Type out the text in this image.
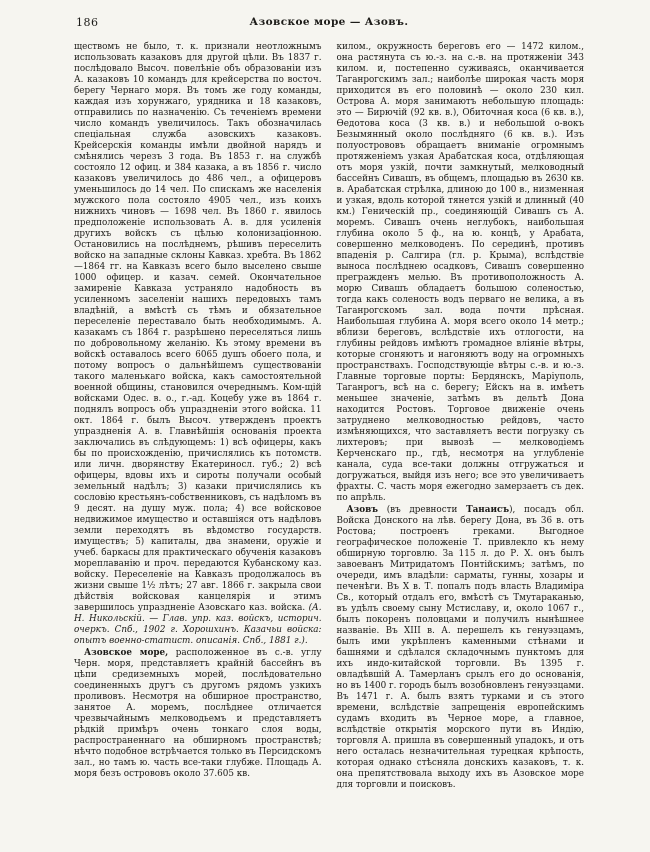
186	Азовское море — Азовъ.

ществомъ не было, т. к. признали неотложнымъ использовать казаковъ для другой цѣли. Въ 1837 г. послѣдовало Высоч. повелѣніе объ образованіи изъ А. казаковъ 10 командъ для крейсерства по восточ. берегу Чернаго моря. Въ томъ же году команды, каждая изъ хорунжаго, урядника и 18 казаковъ, отправились по назначенію. Съ теченіемъ времени число командъ увеличилось. Такъ обозначилась спеціальная служба азовскихъ казаковъ. Крейсерскія команды имѣли двойной нарядъ и смѣнялись черезъ 3 года. Въ 1853 г. на службѣ состояло 12 офиц. и 384 казака, а въ 1856 г. число казаковъ увеличилось до 486 чел., а офицеровъ уменьшилось до 14 чел. По спискамъ же населенія мужского пола состояло 4905 чел., изъ коихъ нижнихъ чиновъ — 1698 чел. Въ 1860 г. явилось предположеніе использовать А. в. для усиленія другихъ войскъ съ цѣлью колонизаціонною. Остановились на послѣднемъ, рѣшивъ переселить войско на западные склоны Кавказ. хребта. Въ 1862—1864 гг. на Кавказъ всего было выселено свыше 1000 офицер. и казач. семей. Окончательное замиреніе Кавказа устраняло надобность въ усиленномъ заселеніи нашихъ передовыхъ тамъ владѣній, а вмѣстѣ съ тѣмъ и обязательное переселеніе переставало быть необходимымъ. А. казакамъ съ 1864 г. разрѣшено переселяться лишь по добровольному желанію. Къ этому времени въ войскѣ оставалось всего 6065 душъ обоего пола, и потому вопросъ о дальнѣйшемъ существованіи такого маленькаго войска, какъ самостоятельной военной общины, становился очереднымъ. Ком-щій войсками Одес. в. о., г.-ад. Коцебу уже въ 1864 г. поднялъ вопросъ объ упраздненіи этого войска. 11 окт. 1864 г. былъ Высоч. утвержденъ проектъ упраздненія А. в. Главнѣйшія основанія проекта заключались въ слѣдующемъ: 1) всѣ офицеры, какъ бы по происхожденію, причислялись къ потомств. или личн. дворянству Екатериносл. губ.; 2) всѣ офицеры, вдовы ихъ и сироты получали особый земельный надѣлъ; 3) казаки причислялись къ сословію крестьянъ-собственниковъ, съ надѣломъ въ 9 десят. на душу муж. пола; 4) все войсковое недвижимое имущество и оставшіяся отъ надѣловъ земли переходятъ въ вѣдомство государств. имуществъ; 5) капиталы, два знамени, оружіе и учеб. баркасы для практическаго обученія казаковъ мореплаванію и проч. передаются Кубанскому каз. войску. Переселеніе на Кавказъ продолжалось въ жизни свыше 1½ лѣтъ; 27 авг. 1866 г. закрыла свои дѣйствія войсковая канцелярія и этимъ завершилось упраздненіе Азовскаго каз. войска. (А. Н. Никольскій. — Глав. упр. каз. войскъ, историч. очеркъ. Спб., 1902 г. Хорошхинъ. Казачьи войска: опытъ военно-статист. описанія. Спб., 1881 г.).

Азовское море, расположенное въ с.-в. углу Черн. моря, представляетъ крайній бассейнъ въ цѣпи средиземныхъ морей, послѣдовательно соединенныхъ другъ съ другомъ рядомъ узкихъ проливовъ. Несмотря на обширное пространство, занятое А. моремъ, послѣднее отличается чрезвычайнымъ мелководьемъ и представляетъ рѣдкій примѣръ очень тонкаго слоя воды, распространеннаго на обширномъ пространствѣ; нѣчто подобное встрѣчается только въ Персидскомъ зал., но тамъ ю. часть все-таки глубже. Площадь А. моря безъ острововъ около 37.605 кв.

килом., окружность береговъ его — 1472 килом., она растянута съ ю.-з. на с.-в. на протяженіи 343 килом. и, постепенно суживаясь, оканчивается Таганрогскимъ зал.; наиболѣе широкая часть моря приходится въ его половинѣ — около 230 кил. Острова А. моря занимаютъ небольшую площадь: это — Бирючій (92 кв. в.), Обиточная коса (6 кв. в.), Ѳедотова коса (3 кв. в.) и небольшой о-вокъ Безымянный около послѣдняго (6 кв. в.). Изъ полуострововъ обращаетъ вниманіе огромнымъ протяженіемъ узкая Арабатская коса, отдѣляющая отъ моря узкій, почти замкнутый, мелководный бассейнъ Сивашъ, въ общемъ, площадью въ 2630 кв. в. Арабатская стрѣлка, длиною до 100 в., низменная и узкая, вдоль которой тянется узкій и длинный (40 км.) Геническій пр., соединяющій Сивашъ съ А. моремъ. Сивашъ очень неглубокъ, наибольшая глубина около 5 ф., на ю. концѣ, у Арабата, совершенно мелководенъ. По серединѣ, противъ впаденія р. Салгира (гл. р. Крыма), вслѣдствіе выноса послѣднею осадковъ, Сивашъ совершенно прегражденъ мелью. Въ противоположность А. морю Сивашъ обладаетъ большою соленостью, тогда какъ соленость водъ перваго не велика, а въ Таганрогскомъ зал. вода почти прѣсная. Наибольшая глубина А. моря всего около 14 метр.; вблизи береговъ, вслѣдствіе ихъ отлогости, на глубины рейдовъ имѣютъ громадное вліяніе вѣтры, которые сгоняютъ и нагоняютъ воду на огромныхъ пространствахъ. Господствующіе вѣтры с.-в. и ю.-з. Главные торговые порты: Бердянскъ, Маріуполь, Таганрогъ, всѣ на с. берегу; Ейскъ на в. имѣетъ меньшее значеніе, затѣмъ въ дельтѣ Дона находится Ростовъ. Торговое движеніе очень затруднено мелководностью рейдовъ, часто измѣняющихся, что заставляетъ вести погрузку съ лихтеровъ; при вывозѣ — мелководіемъ Керченскаго пр., гдѣ, несмотря на углубленіе канала, суда все-таки должны отгружаться и догружаться, выйдя изъ него; все это увеличиваетъ фрахты. С. часть моря ежегодно замерзаетъ съ дек. по апрѣль.

Азовъ (въ древности Танаисъ), посадъ обл. Войска Донского на лѣв. берегу Дона, въ 36 в. отъ Ростова; построенъ греками. Выгодное географическое положеніе Т. привлекло къ нему обширную торговлю. За 115 л. до Р. Х. онъ былъ завоеванъ Митридатомъ Понтійскимъ; затѣмъ, по очереди, имъ владѣли: сарматы, гунны, хозары и печенѣги. Въ Х в. Т. попалъ подъ власть Владиміра Св., который отдалъ его, вмѣстѣ съ Тмутараканью, въ удѣлъ своему сыну Мстиславу, и, около 1067 г., былъ покоренъ половцами и получилъ нынѣшнее названіе. Въ XIII в. А. перешелъ къ генуэзцамъ, былъ ими укрѣпленъ каменными стѣнами и башнями и сдѣлался складочнымъ пунктомъ для ихъ индо-китайской торговли. Въ 1395 г. овладѣвшій А. Тамерланъ срылъ его до основанія, но въ 1400 г. городъ былъ возобновленъ генуэзцами. Въ 1471 г. А. былъ взятъ турками и съ этого времени, вслѣдствіе запрещенія европейскимъ судамъ входить въ Черное море, а главное, вслѣдствіе открытія морского пути въ Индію, торговля А. пришла въ совершенный упадокъ, и отъ него осталась незначительная турецкая крѣпость, которая однако стѣсняла донскихъ казаковъ, т. к. она препятствовала выходу ихъ въ Азовское море для торговли и поисковъ.
